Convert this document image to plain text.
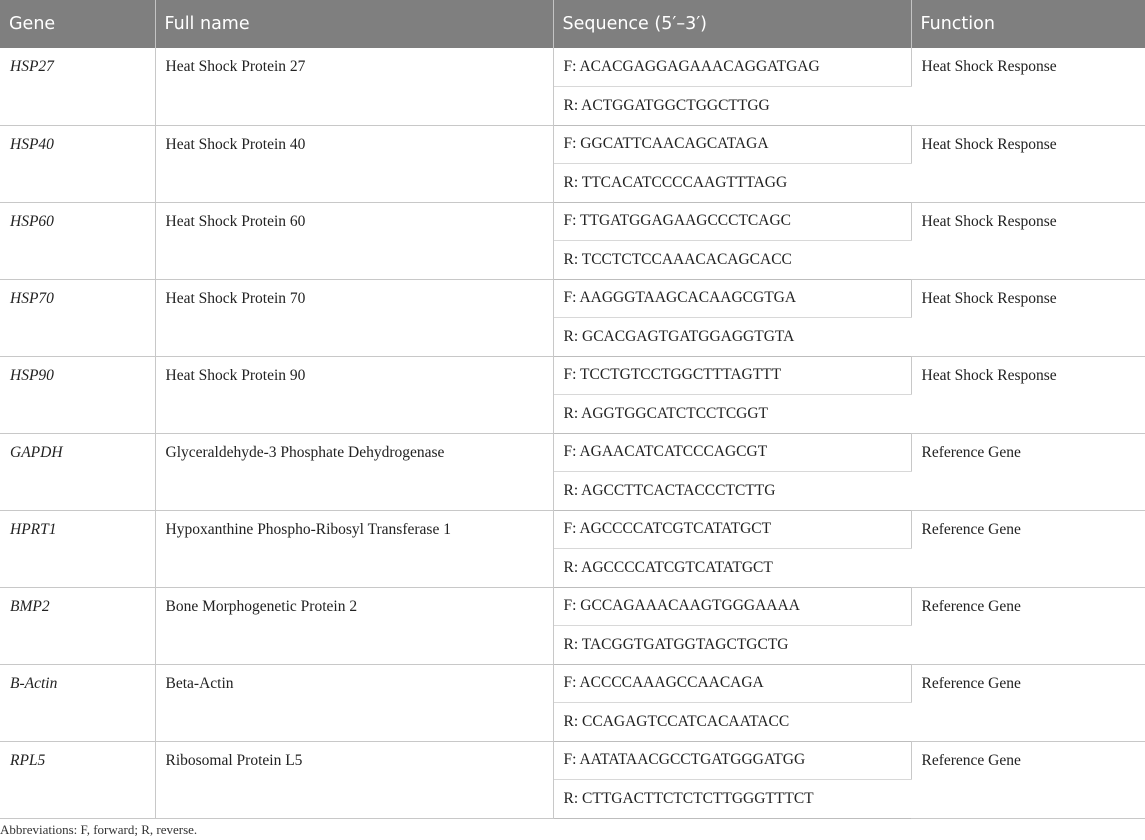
Gene	Full name	Sequence (5′–3′)	Function
HSP27	Heat Shock Protein 27	F: ACACGAGGAGAAACAGGATGAG	Heat Shock Response
		R: ACTGGATGGCTGGCTTGG	
HSP40	Heat Shock Protein 40	F: GGCATTCAACAGCATAGA	Heat Shock Response
		R: TTCACATCCCCAAGTTTAGG	
HSP60	Heat Shock Protein 60	F: TTGATGGAGAAGCCCTCAGC	Heat Shock Response
		R: TCCTCTCCAAACACAGCACC	
HSP70	Heat Shock Protein 70	F: AAGGGTAAGCACAAGCGTGA	Heat Shock Response
		R: GCACGAGTGATGGAGGTGTA	
HSP90	Heat Shock Protein 90	F: TCCTGTCCTGGCTTTAGTTT	Heat Shock Response
		R: AGGTGGCATCTCCTCGGT	
GAPDH	Glyceraldehyde-3 Phosphate Dehydrogenase	F: AGAACATCATCCCAGCGT	Reference Gene
		R: AGCCTTCACTACCCTCTTG	
HPRT1	Hypoxanthine Phospho-Ribosyl Transferase 1	F: AGCCCCATCGTCATATGCT	Reference Gene
		R: AGCCCCATCGTCATATGCT	
BMP2	Bone Morphogenetic Protein 2	F: GCCAGAAACAAGTGGGAAAA	Reference Gene
		R: TACGGTGATGGTAGCTGCTG	
B-Actin	Beta-Actin	F: ACCCCAAAGCCAACAGA	Reference Gene
		R: CCAGAGTCCATCACAATACC	
RPL5	Ribosomal Protein L5	F: AATATAACGCCTGATGGGATGG	Reference Gene
		R: CTTGACTTCTCTCTTGGGTTTCT	
Abbreviations: F, forward; R, reverse.
